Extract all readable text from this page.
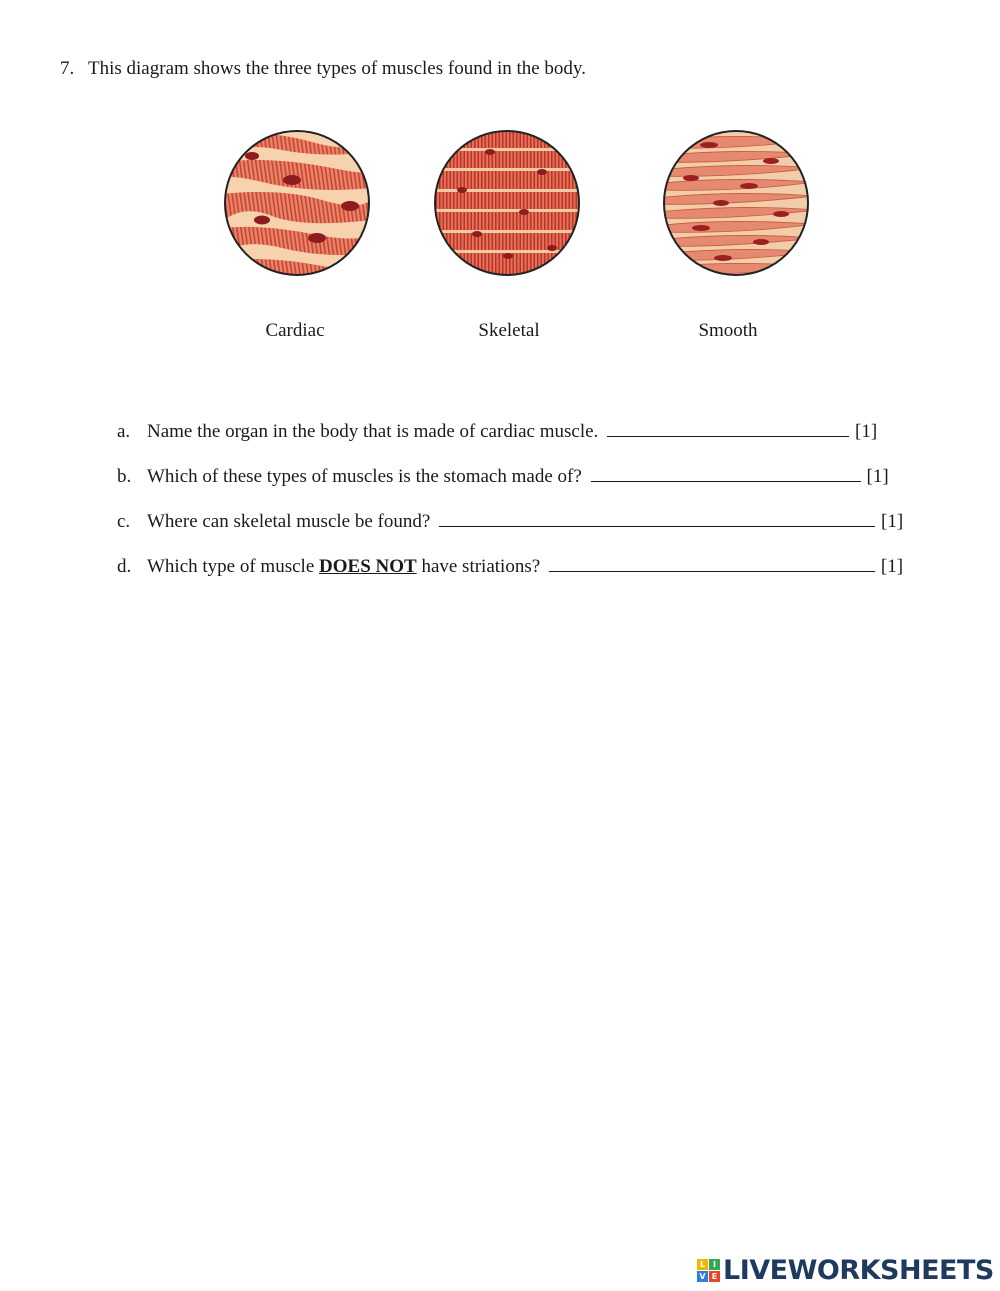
7. This diagram shows the three types of muscles found in the body.
Cardiac	Skeletal	Smooth
a. Name the organ in the body that is made of cardiac muscle.	[1]
b. Which of these types of muscles is the stomach made of?	[1]
c. Where can skeletal muscle be found?	[1]
d. Which type of muscle DOES NOT have striations?	[1]
L I
V E LIVEWORKSHEETS
